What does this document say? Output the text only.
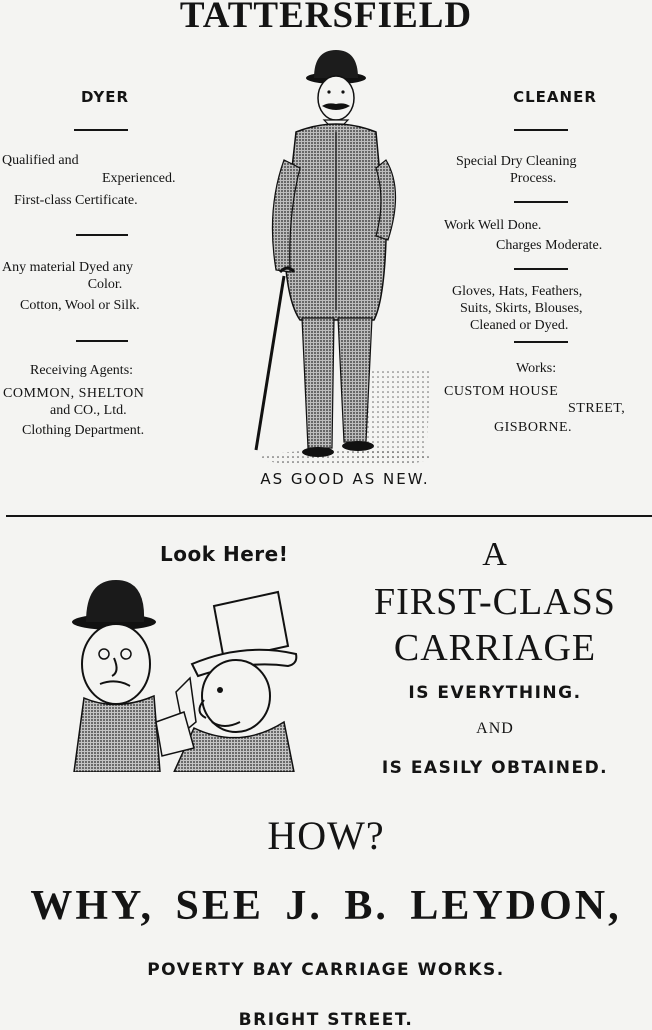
TATTERSFIELD
DYER
Qualified and
Experienced.
First-class Certificate.
Any material Dyed any
Color.
Cotton, Wool or Silk.
Receiving Agents:
COMMON, SHELTON
and CO., Ltd.
Clothing Department.
CLEANER
Special Dry Cleaning
Process.
Work Well Done.
Charges Moderate.
Gloves, Hats, Feathers,
Suits, Skirts, Blouses,
Cleaned or Dyed.
Works:
CUSTOM HOUSE
STREET,
GISBORNE.
AS GOOD AS NEW.
Look Here!	A
FIRST-CLASS
CARRIAGE
IS EVERYTHING.
AND
IS EASILY OBTAINED.
HOW?
WHY, SEE J. B. LEYDON,
POVERTY BAY CARRIAGE WORKS.
BRIGHT STREET.
